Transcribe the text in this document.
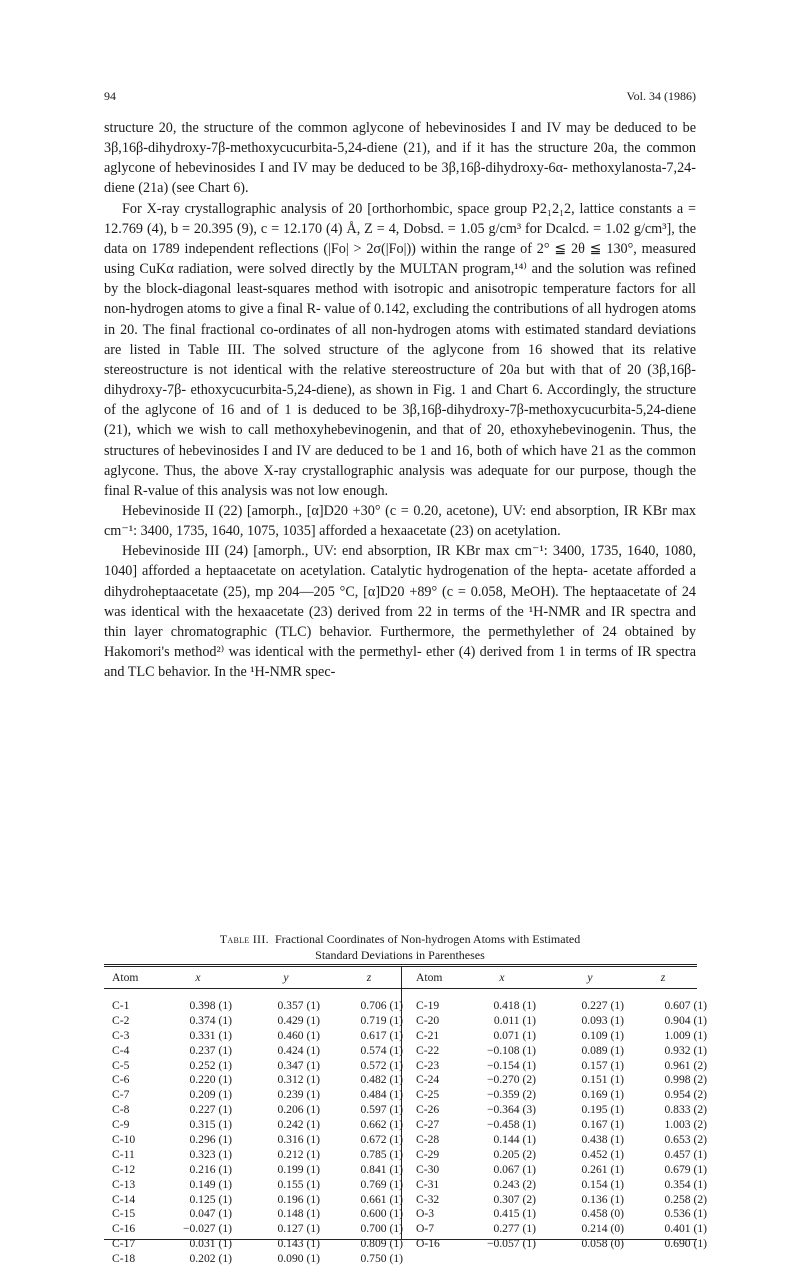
94	Vol. 34 (1986)

structure 20, the structure of the common aglycone of hebevinosides I and IV may be deduced to be 3β,16β-dihydroxy-7β-methoxycucurbita-5,24-diene (21), and if it has the structure 20a, the common aglycone of hebevinosides I and IV may be deduced to be 3β,16β-dihydroxy-6α- methoxylanosta-7,24-diene (21a) (see Chart 6).

For X-ray crystallographic analysis of 20 [orthorhombic, space group P2₁2₁2, lattice constants a = 12.769 (4), b = 20.395 (9), c = 12.170 (4) Å, Z = 4, Dobsd. = 1.05 g/cm³ for Dcalcd. = 1.02 g/cm³], the data on 1789 independent reflections (|Fo| > 2σ(|Fo|)) within the range of 2° ≦ 2θ ≦ 130°, measured using CuKα radiation, were solved directly by the MULTAN program,¹⁴⁾ and the solution was refined by the block-diagonal least-squares method with isotropic and anisotropic temperature factors for all non-hydrogen atoms to give a final R- value of 0.142, excluding the contributions of all hydrogen atoms in 20. The final fractional co-ordinates of all non-hydrogen atoms with estimated standard deviations are listed in Table III. The solved structure of the aglycone from 16 showed that its relative stereostructure is not identical with the relative stereostructure of 20a but with that of 20 (3β,16β-dihydroxy-7β- ethoxycucurbita-5,24-diene), as shown in Fig. 1 and Chart 6. Accordingly, the structure of the aglycone of 16 and of 1 is deduced to be 3β,16β-dihydroxy-7β-methoxycucurbita-5,24-diene (21), which we wish to call methoxyhebevinogenin, and that of 20, ethoxyhebevinogenin. Thus, the structures of hebevinosides I and IV are deduced to be 1 and 16, both of which have 21 as the common aglycone. Thus, the above X-ray crystallographic analysis was adequate for our purpose, though the final R-value of this analysis was not low enough.

Hebevinoside II (22) [amorph., [α]D20 +30° (c = 0.20, acetone), UV: end absorption, IR KBr max cm⁻¹: 3400, 1735, 1640, 1075, 1035] afforded a hexaacetate (23) on acetylation.

Hebevinoside III (24) [amorph., UV: end absorption, IR KBr max cm⁻¹: 3400, 1735, 1640, 1080, 1040] afforded a heptaacetate on acetylation. Catalytic hydrogenation of the hepta- acetate afforded a dihydroheptaacetate (25), mp 204—205 °C, [α]D20 +89° (c = 0.058, MeOH). The heptaacetate of 24 was identical with the hexaacetate (23) derived from 22 in terms of the ¹H-NMR and IR spectra and thin layer chromatographic (TLC) behavior. Furthermore, the permethylether of 24 obtained by Hakomori's method²⁾ was identical with the permethyl- ether (4) derived from 1 in terms of IR spectra and TLC behavior. In the ¹H-NMR spec-

Table III. Fractional Coordinates of Non-hydrogen Atoms with Estimated
Standard Deviations in Parentheses
Atom	x	y	z	Atom	x	y	z
C-1	0.398 (1)	0.357 (1)	0.706 (1) C-19	0.418 (1)	0.227 (1)	0.607 (1)
C-2	0.374 (1)	0.429 (1)	0.719 (1) C-20	0.011 (1)	0.093 (1)	0.904 (1)
C-3	0.331 (1)	0.460 (1)	0.617 (1) C-21	0.071 (1)	0.109 (1)	1.009 (1)
C-4	0.237 (1)	0.424 (1)	0.574 (1) C-22	−0.108 (1)	0.089 (1)	0.932 (1)
C-5	0.252 (1)	0.347 (1)	0.572 (1) C-23	−0.154 (1)	0.157 (1)	0.961 (2)
C-6	0.220 (1)	0.312 (1)	0.482 (1) C-24	−0.270 (2)	0.151 (1)	0.998 (2)
C-7	0.209 (1)	0.239 (1)	0.484 (1) C-25	−0.359 (2)	0.169 (1)	0.954 (2)
C-8	0.227 (1)	0.206 (1)	0.597 (1) C-26	−0.364 (3)	0.195 (1)	0.833 (2)
C-9	0.315 (1)	0.242 (1)	0.662 (1) C-27	−0.458 (1)	0.167 (1)	1.003 (2)
C-10	0.296 (1)	0.316 (1)	0.672 (1) C-28	0.144 (1)	0.438 (1)	0.653 (2)
C-11	0.323 (1)	0.212 (1)	0.785 (1) C-29	0.205 (2)	0.452 (1)	0.457 (1)
C-12	0.216 (1)	0.199 (1)	0.841 (1) C-30	0.067 (1)	0.261 (1)	0.679 (1)
C-13	0.149 (1)	0.155 (1)	0.769 (1) C-31	0.243 (2)	0.154 (1)	0.354 (1)
C-14	0.125 (1)	0.196 (1)	0.661 (1) C-32	0.307 (2)	0.136 (1)	0.258 (2)
C-15	0.047 (1)	0.148 (1)	0.600 (1) O-3	0.415 (1)	0.458 (0)	0.536 (1)
C-16	−0.027 (1)	0.127 (1)	0.700 (1) O-7	0.277 (1)	0.214 (0)	0.401 (1)
C-17	0.031 (1)	0.143 (1)	0.809 (1) O-16	−0.057 (1)	0.058 (0)	0.690 (1)
C-18	0.202 (1)	0.090 (1)	0.750 (1)
